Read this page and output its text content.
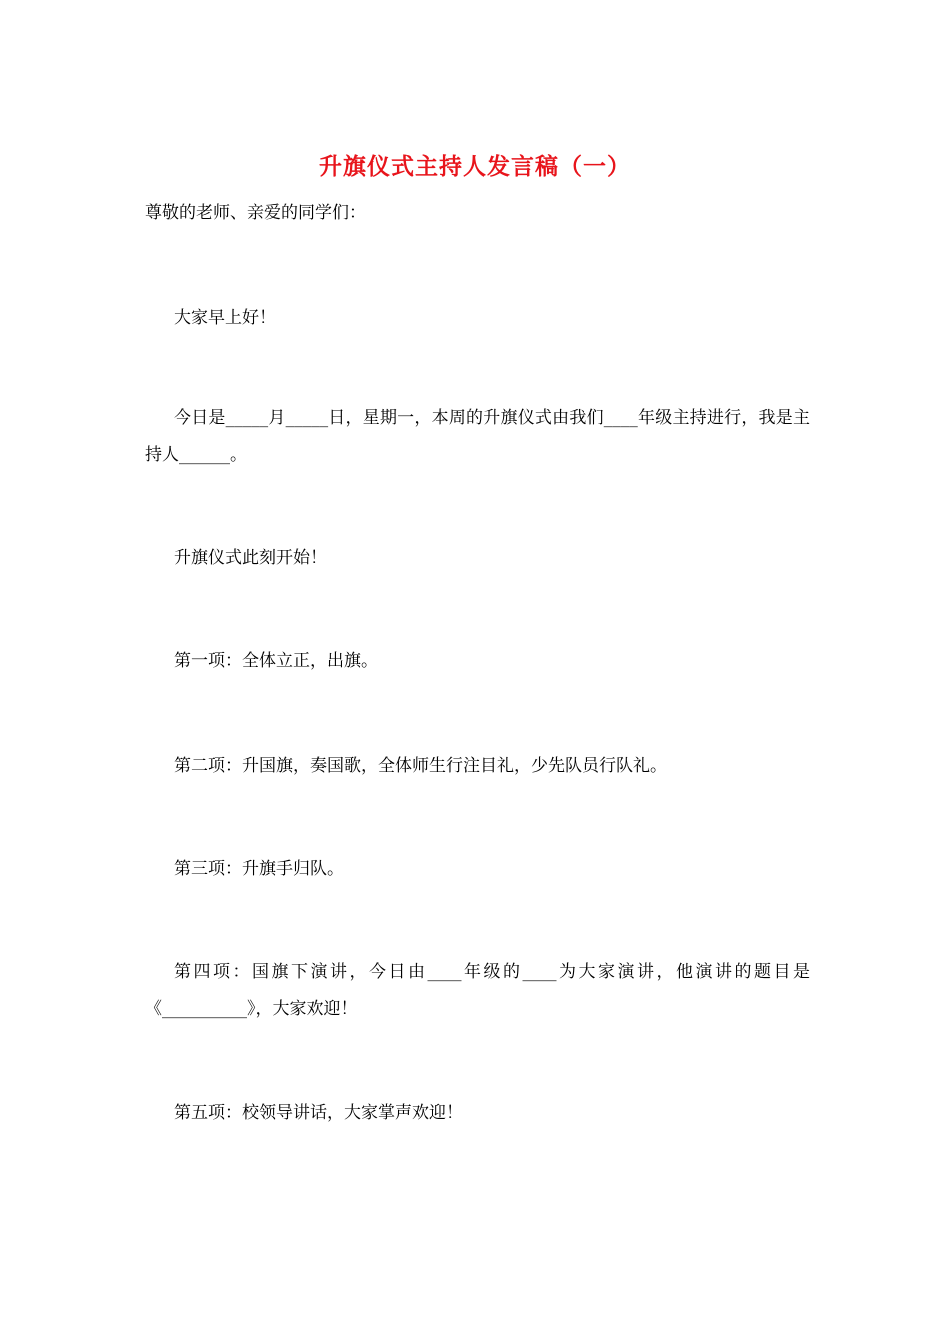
升旗仪式主持人发言稿（一）
尊敬的老师、亲爱的同学们：

大家早上好！

今日是_____月_____日，星期一，本周的升旗仪式由我们____年级主持进行，我是主持人______。

升旗仪式此刻开始！

第一项：全体立正，出旗。

第二项：升国旗，奏国歌，全体师生行注目礼，少先队员行队礼。

第三项：升旗手归队。

第四项：国旗下演讲，今日由____年级的____为大家演讲，他演讲的题目是《__________》，大家欢迎！

第五项：校领导讲话，大家掌声欢迎！
